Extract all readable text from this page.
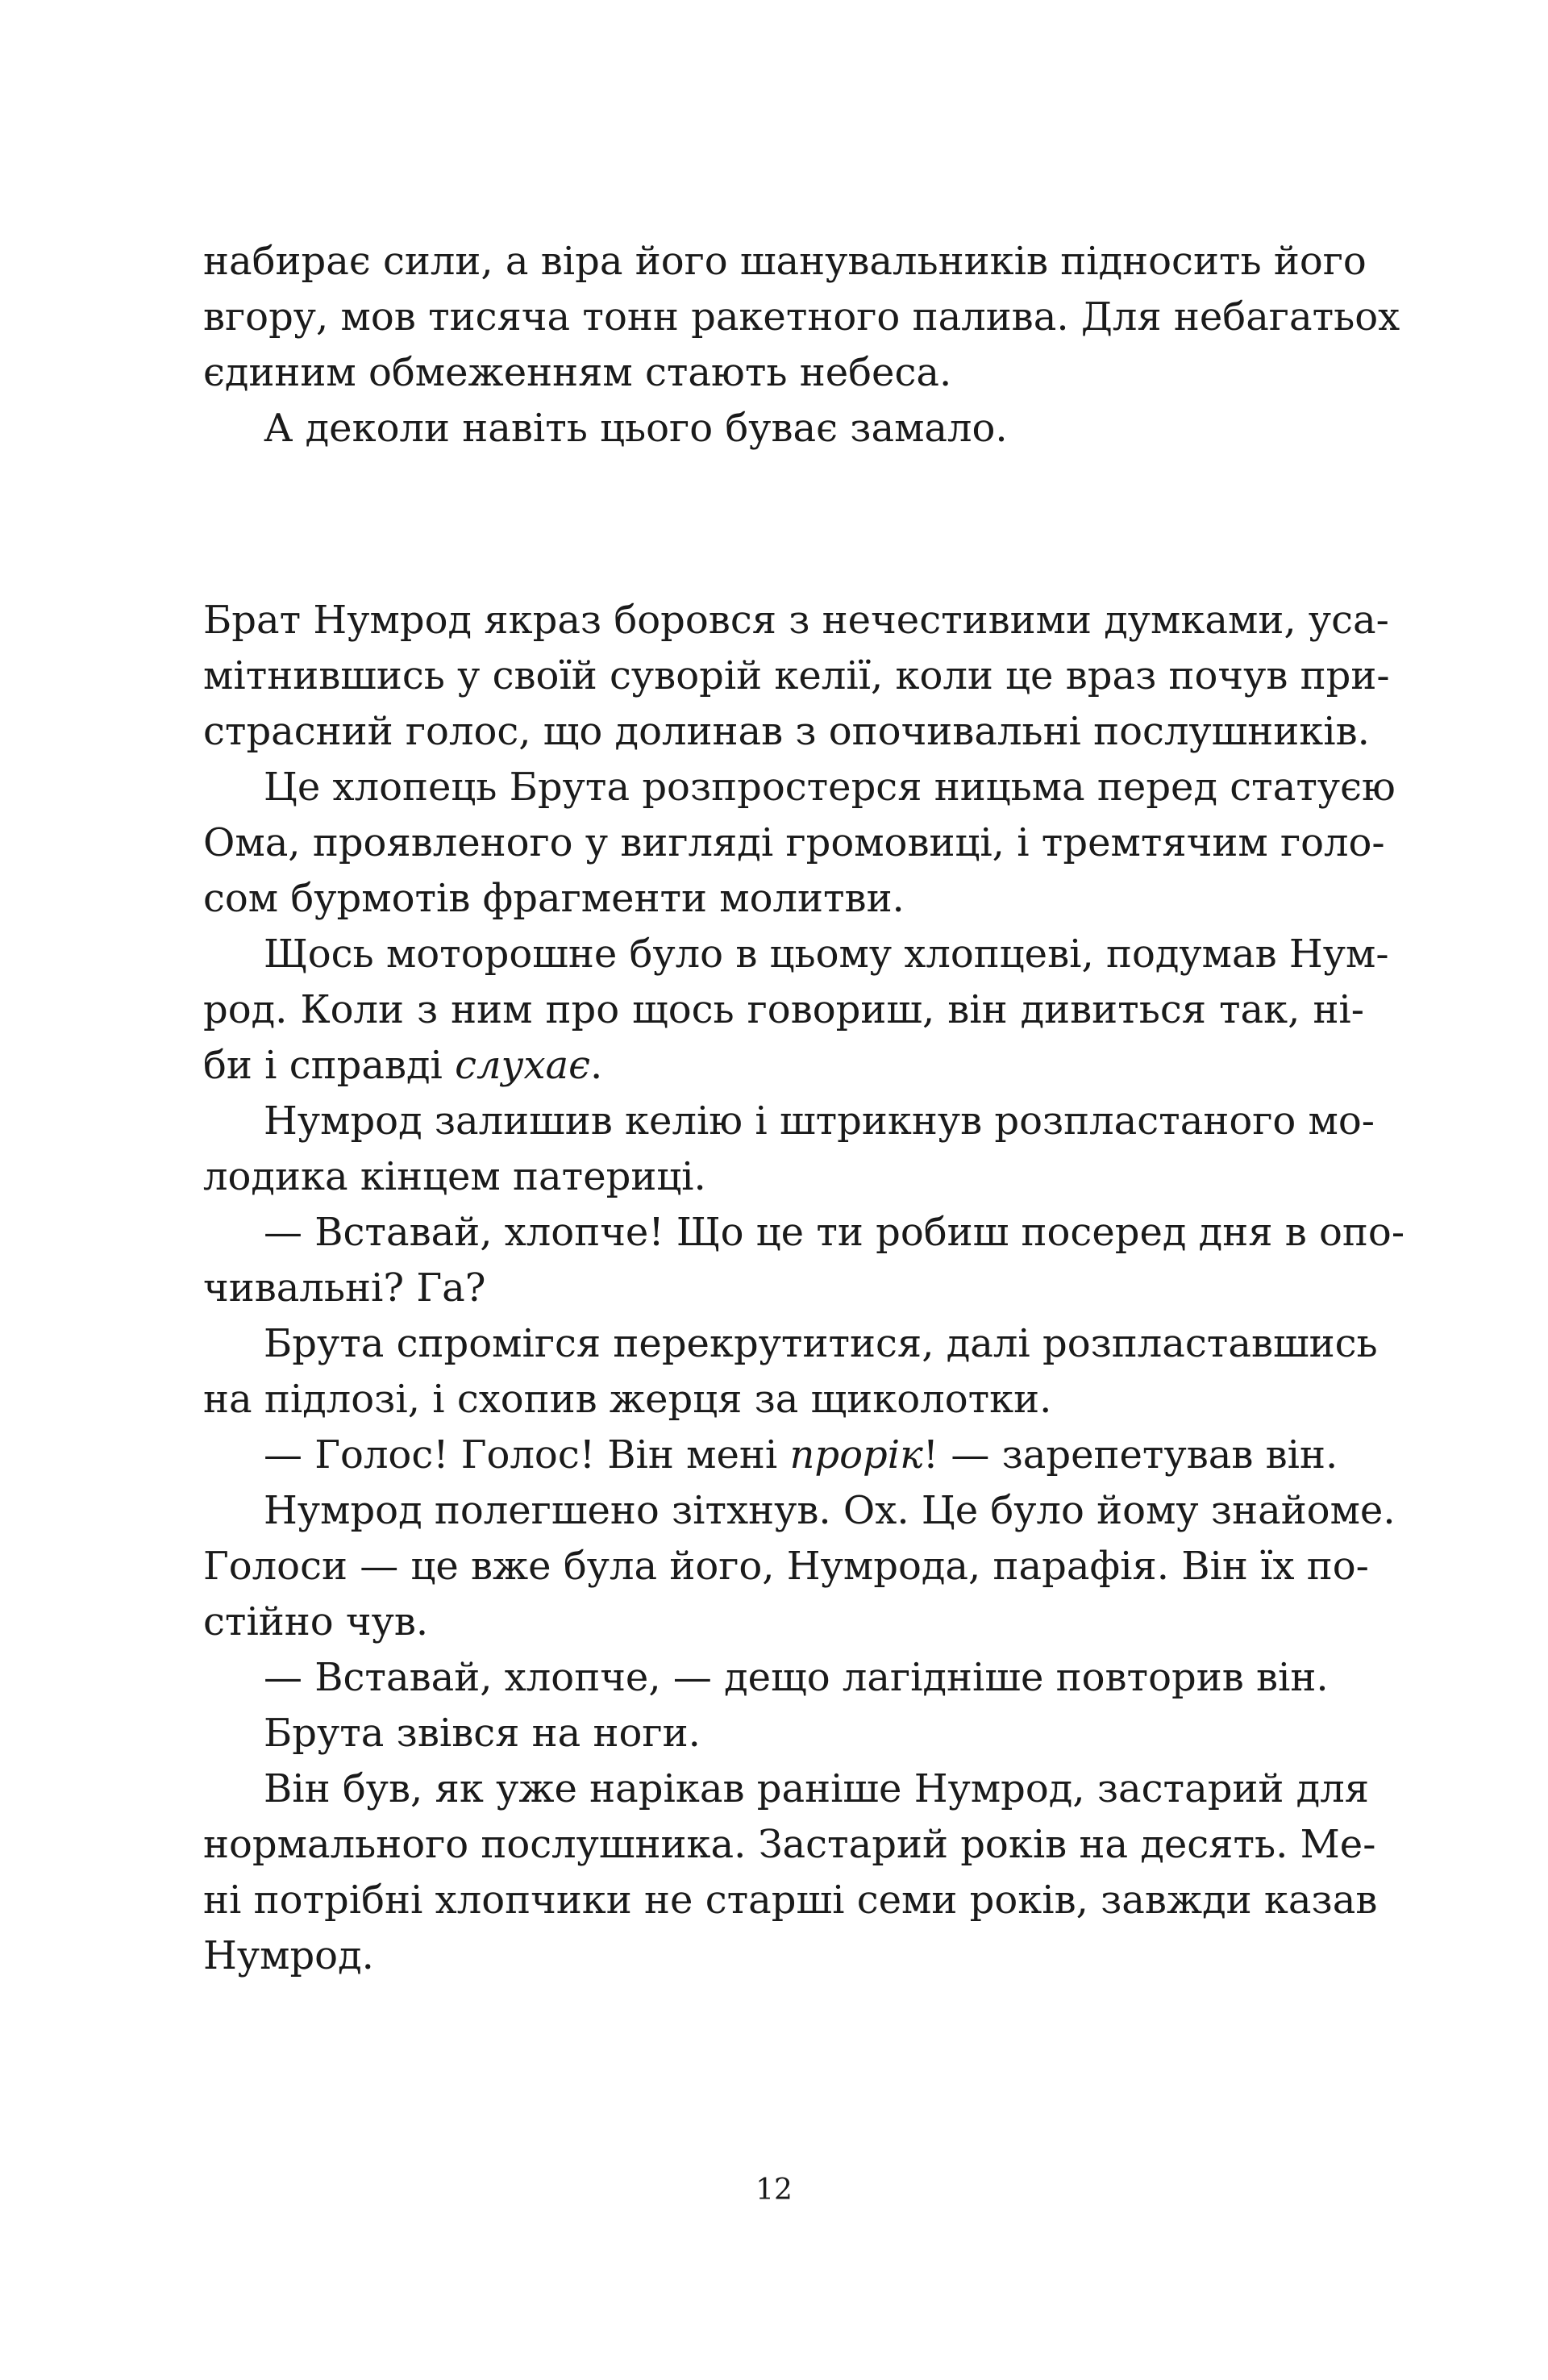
набирає сили, а віра його шанувальників підносить його
вгору, мов тисяча тонн ракетного палива. Для небагатьох
єдиним обмеженням стають небеса.

А деколи навіть цього буває замало.

Брат Нумрод якраз боровся з нечестивими думками, уса-
мітнившись у своїй суворій келії, коли це враз почув при-
страсний голос, що долинав з опочивальні послушників.

Це хлопець Брута розпростерся ницьма перед статуєю
Ома, проявленого у вигляді громовиці, і тремтячим голо-
сом бурмотів фрагменти молитви.

Щось моторошне було в цьому хлопцеві, подумав Нум-
род. Коли з ним про щось говориш, він дивиться так, ні-
би і справді слухає.

Нумрод залишив келію і штрикнув розпластаного мо-
лодика кінцем патериці.

— Вставай, хлопче! Що це ти робиш посеред дня в опо-
чивальні? Га?

Брута спромігся перекрутитися, далі розпластавшись
на підлозі, і схопив жерця за щиколотки.

— Голос! Голос! Він мені прорік! — зарепетував він.

Нумрод полегшено зітхнув. Ох. Це було йому знайоме.
Голоси — це вже була його, Нумрода, парафія. Він їх по-
стійно чув.

— Вставай, хлопче, — дещо лагідніше повторив він.

Брута звівся на ноги.

Він був, як уже нарікав раніше Нумрод, застарий для
нормального послушника. Застарий років на десять. Ме-
ні потрібні хлопчики не старші семи років, завжди казав
Нумрод.

12
